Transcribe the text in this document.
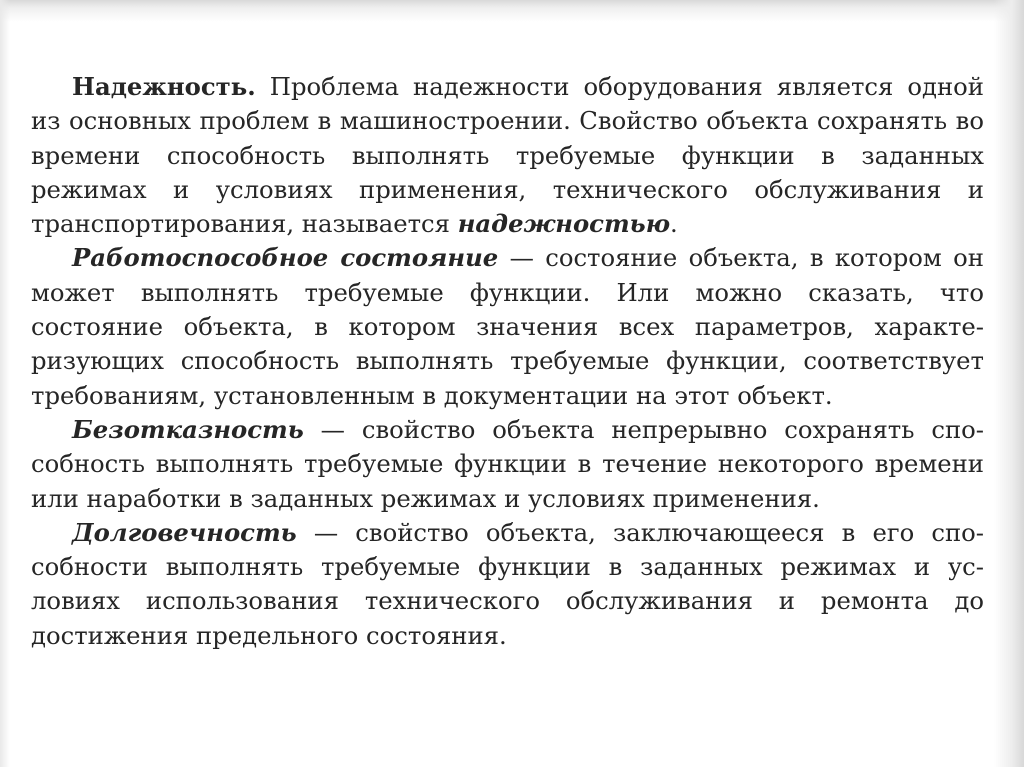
Надежность. Проблема надежности оборудования является одной из основных проблем в машиностроении. Свойство объекта сохранять во времени способность выполнять требуемые функции в заданных режимах и условиях применения, технического обслуживания и транспортирования, называется надежностью.

Работоспособное состояние — состояние объекта, в котором он может выполнять требуемые функции. Или можно сказать, что состояние объекта, в котором значения всех параметров, характеризующих способность выполнять требуемые функции, соответствует требованиям, установленным в документации на этот объект.

Безотказность — свойство объекта непрерывно сохранять способность выполнять требуемые функции в течение некоторого времени или наработки в заданных режимах и условиях применения.

Долговечность — свойство объекта, заключающееся в его способности выполнять требуемые функции в заданных режимах и условиях использования технического обслуживания и ремонта до достижения предельного состояния.
